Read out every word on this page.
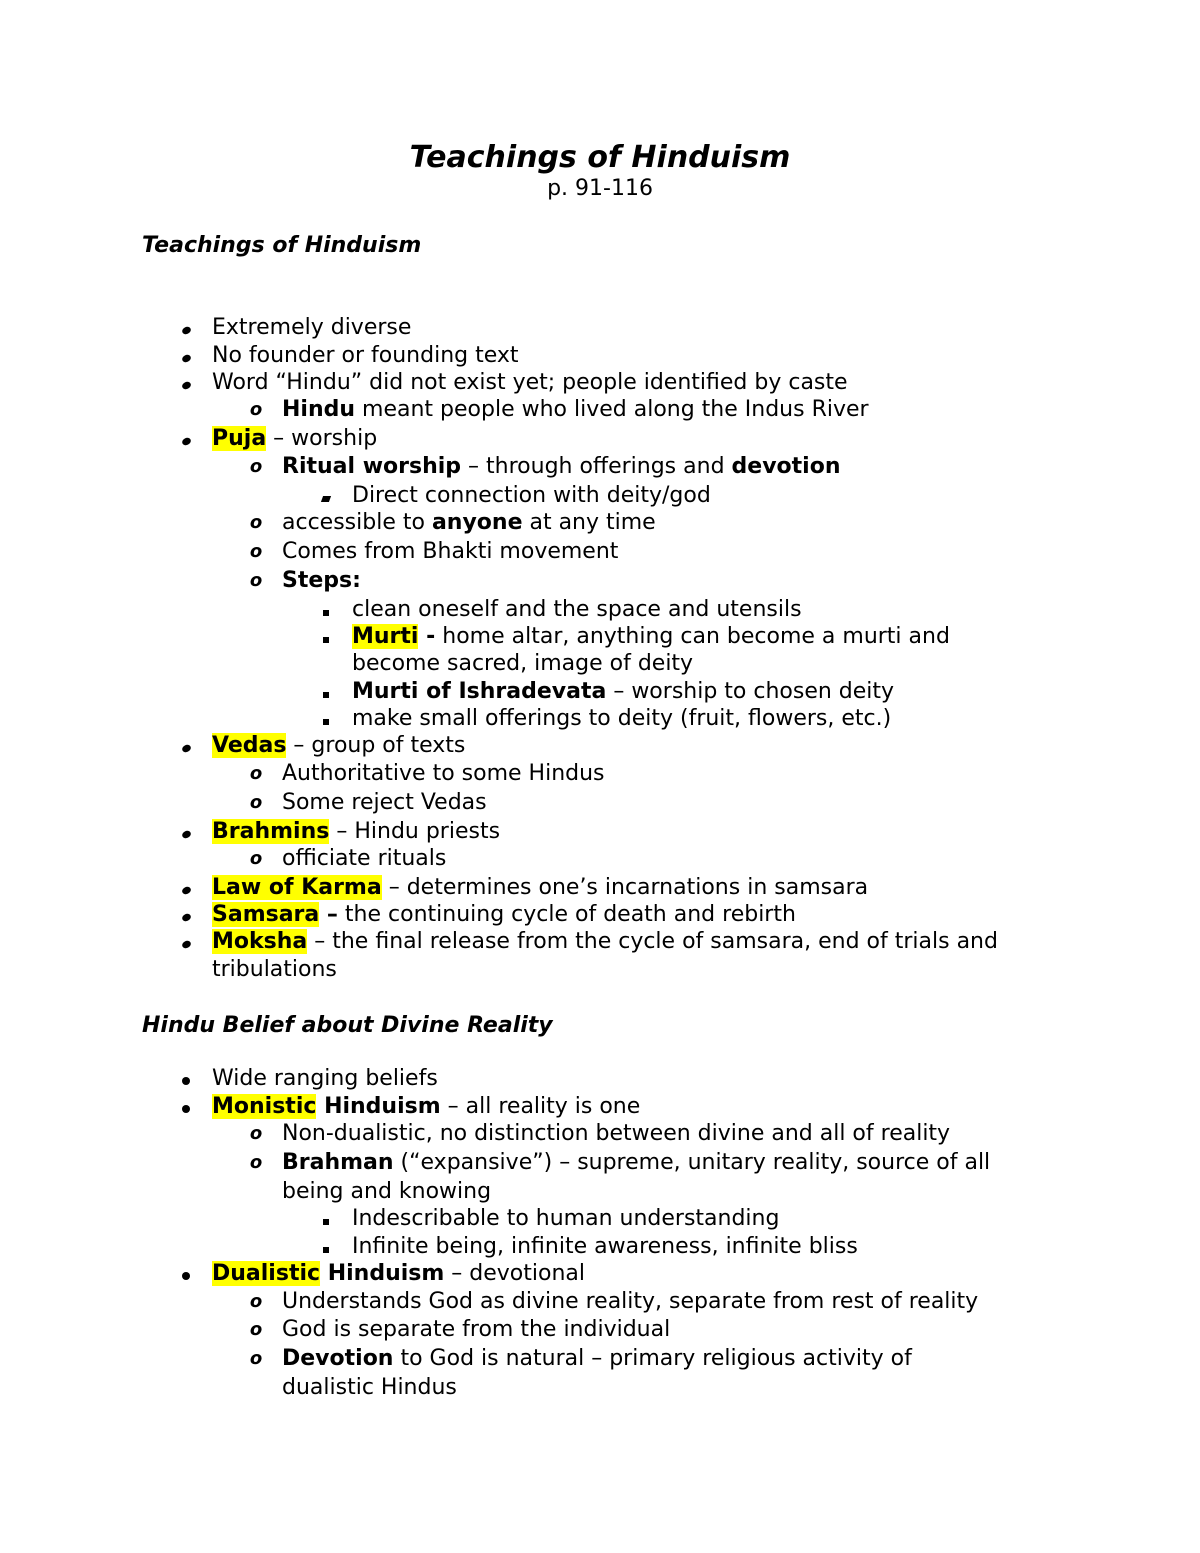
Teachings of Hinduism
p. 91-116
Teachings of Hinduism
Extremely diverse
No founder or founding text
Word “Hindu” did not exist yet; people identified by caste
o Hindu meant people who lived along the Indus River
Puja – worship
o Ritual worship – through offerings and devotion
Direct connection with deity/god
o accessible to anyone at any time
o Comes from Bhakti movement
o Steps:
clean oneself and the space and utensils
Murti - home altar, anything can become a murti and
become sacred, image of deity
Murti of Ishradevata – worship to chosen deity
make small offerings to deity (fruit, flowers, etc.)
Vedas – group of texts
o Authoritative to some Hindus
o Some reject Vedas
Brahmins – Hindu priests
o officiate rituals
Law of Karma – determines one’s incarnations in samsara
Samsara – the continuing cycle of death and rebirth
Moksha – the final release from the cycle of samsara, end of trials and
tribulations
Hindu Belief about Divine Reality
Wide ranging beliefs
Monistic Hinduism – all reality is one
o Non-dualistic, no distinction between divine and all of reality
o Brahman (“expansive”) – supreme, unitary reality, source of all
being and knowing
Indescribable to human understanding
Infinite being, infinite awareness, infinite bliss
Dualistic Hinduism – devotional
o Understands God as divine reality, separate from rest of reality
o God is separate from the individual
o Devotion to God is natural – primary religious activity of
dualistic Hindus
